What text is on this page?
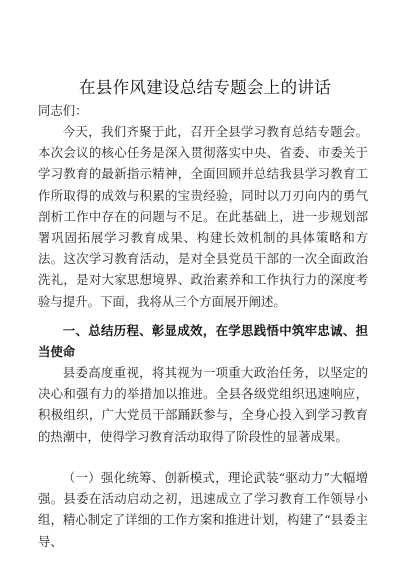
在县作风建设总结专题会上的讲话
同志们：

今天，我们齐聚于此，召开全县学习教育总结专题会。本次会议的核心任务是深入贯彻落实中央、省委、市委关于学习教育的最新指示精神，全面回顾并总结我县学习教育工作所取得的成效与积累的宝贵经验，同时以刀刃向内的勇气剖析工作中存在的问题与不足。在此基础上，进一步规划部署巩固拓展学习教育成果、构建长效机制的具体策略和方法。这次学习教育活动，是对全县党员干部的一次全面政治洗礼，是对大家思想境界、政治素养和工作执行力的深度考验与提升。下面，我将从三个方面展开阐述。

一、总结历程、彰显成效，在学思践悟中筑牢忠诚、担当使命

县委高度重视，将其视为一项重大政治任务，以坚定的决心和强有力的举措加以推进。全县各级党组织迅速响应，积极组织，广大党员干部踊跃参与，全身心投入到学习教育的热潮中，使得学习教育活动取得了阶段性的显著成果。

（一）强化统筹、创新模式，理论武装“驱动力”大幅增强。县委在活动启动之初，迅速成立了学习教育工作领导小组，精心制定了详细的工作方案和推进计划，构建了“县委主导、
